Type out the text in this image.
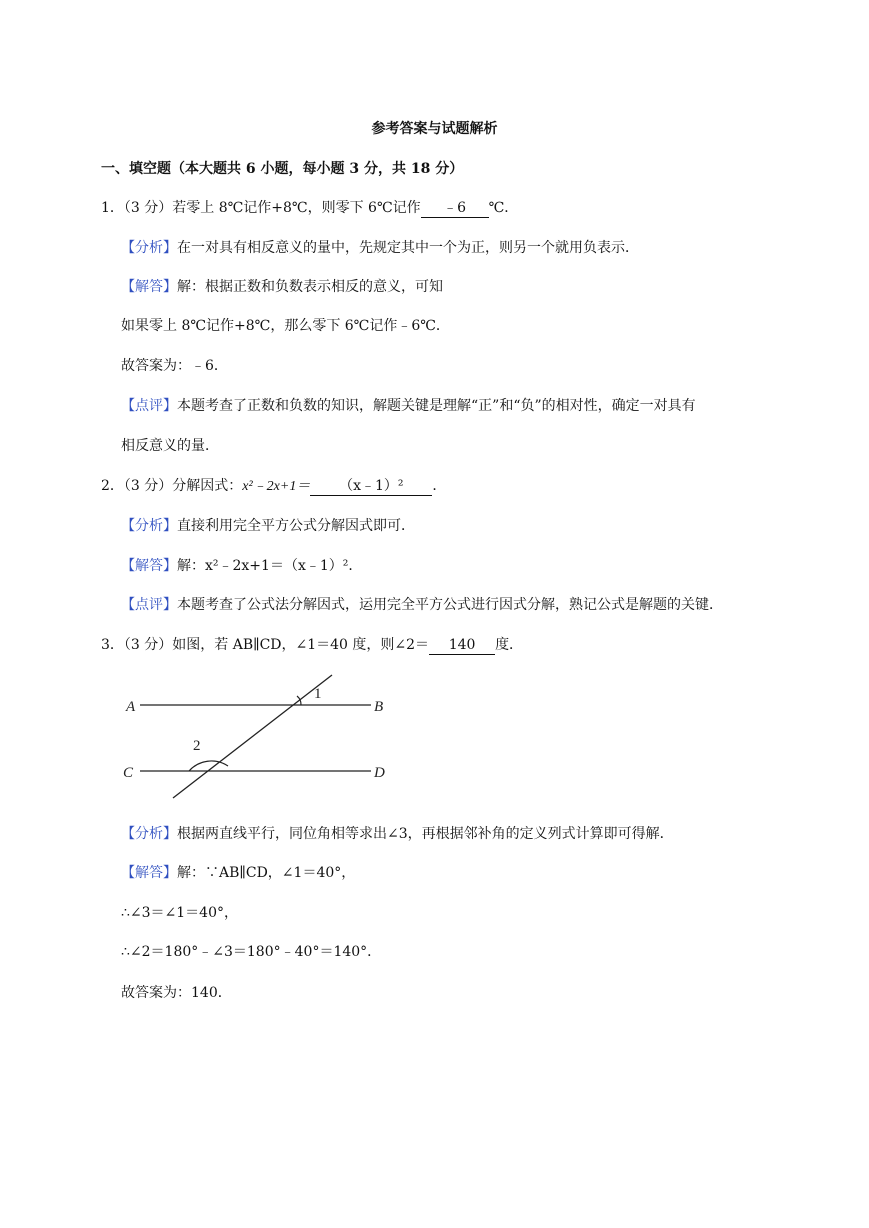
参考答案与试题解析
一、填空题（本大题共 6 小题，每小题 3 分，共 18 分）
1．（3 分）若零上 8℃记作+8℃，则零下 6℃记作 ﹣6 ℃．
【分析】在一对具有相反意义的量中，先规定其中一个为正，则另一个就用负表示．
【解答】解：根据正数和负数表示相反的意义，可知
如果零上 8℃记作+8℃，那么零下 6℃记作﹣6℃．
故答案为：﹣6．
【点评】本题考查了正数和负数的知识，解题关键是理解“正”和“负”的相对性，确定一对具有
相反意义的量．
2．（3 分）分解因式：x²﹣2x+1＝ （x﹣1）² ．
【分析】直接利用完全平方公式分解因式即可．
【解答】解：x²﹣2x+1＝（x﹣1）²．
【点评】本题考查了公式法分解因式，运用完全平方公式进行因式分解，熟记公式是解题的关键．
3．（3 分）如图，若 AB∥CD，∠1＝40 度，则∠2＝ 140 度．
A	B
C	D
1
2
【分析】根据两直线平行，同位角相等求出∠3，再根据邻补角的定义列式计算即可得解．
【解答】解：∵AB∥CD，∠1＝40°，
∴∠3＝∠1＝40°，
∴∠2＝180°﹣∠3＝180°﹣40°＝140°．
故答案为：140．
